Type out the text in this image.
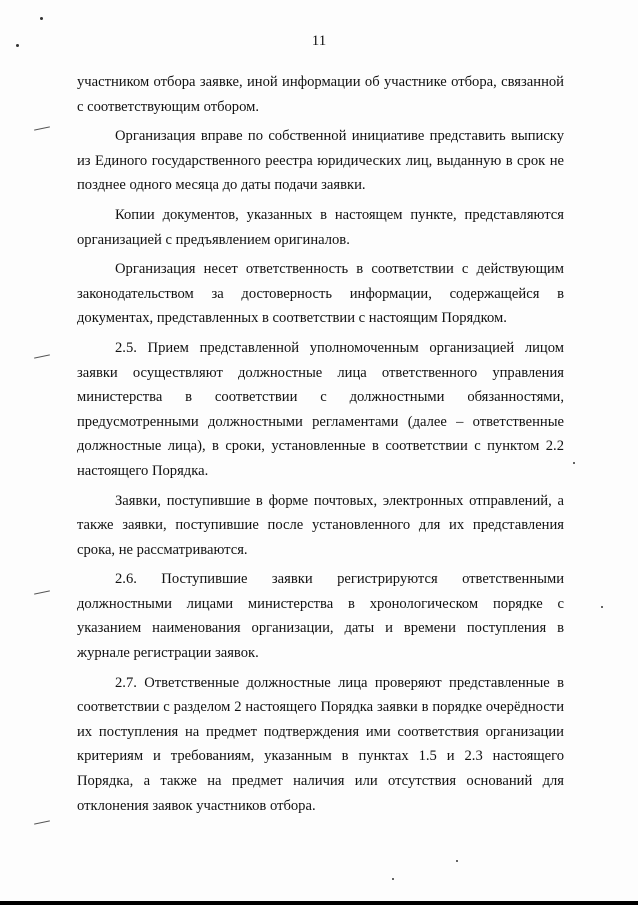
11

участником отбора заявке, иной информации об участнике отбора, связанной с соответствующим отбором.

Организация вправе по собственной инициативе представить выписку из Единого государственного реестра юридических лиц, выданную в срок не позднее одного месяца до даты подачи заявки.

Копии документов, указанных в настоящем пункте, представляются организацией с предъявлением оригиналов.

Организация несет ответственность в соответствии с действующим законодательством за достоверность информации, содержащейся в документах, представленных в соответствии с настоящим Порядком.

2.5. Прием представленной уполномоченным организацией лицом заявки осуществляют должностные лица ответственного управления министерства в соответствии с должностными обязанностями, предусмотренными должностными регламентами (далее – ответственные должностные лица), в сроки, установленные в соответствии с пунктом 2.2 настоящего Порядка.

Заявки, поступившие в форме почтовых, электронных отправлений, а также заявки, поступившие после установленного для их представления срока, не рассматриваются.

2.6. Поступившие заявки регистрируются ответственными должностными лицами министерства в хронологическом порядке с указанием наименования организации, даты и времени поступления в журнале регистрации заявок.

2.7. Ответственные должностные лица проверяют представленные в соответствии с разделом 2 настоящего Порядка заявки в порядке очерёдности их поступления на предмет подтверждения ими соответствия организации критериям и требованиям, указанным в пунктах 1.5 и 2.3 настоящего Порядка, а также на предмет наличия или отсутствия оснований для отклонения заявок участников отбора.
